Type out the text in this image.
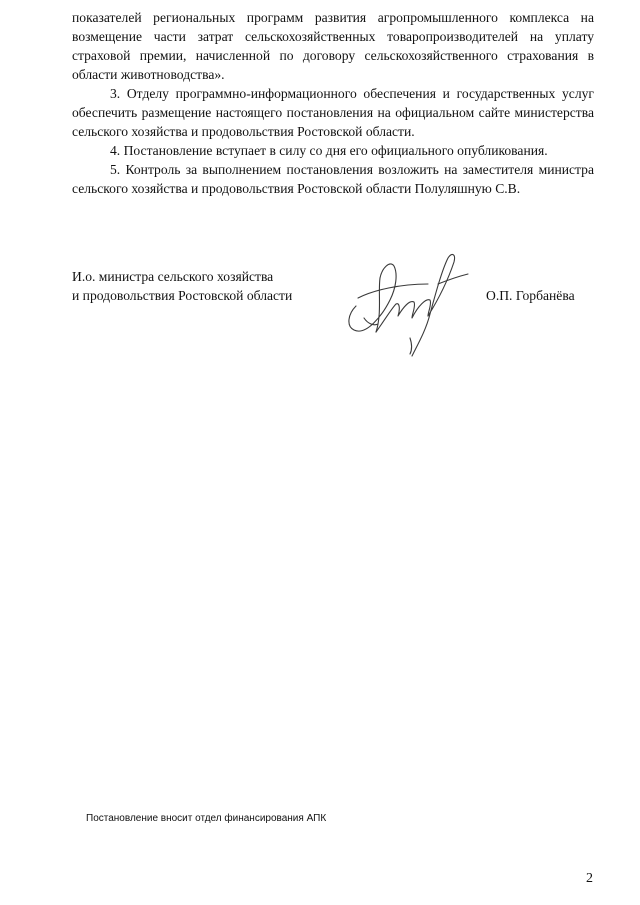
показателей региональных программ развития агропромышленного комплекса на возмещение части затрат сельскохозяйственных товаропроизводителей на уплату страховой премии, начисленной по договору сельскохозяйственного страхования в области животноводства».

3. Отделу программно-информационного обеспечения и государственных услуг обеспечить размещение настоящего постановления на официальном сайте министерства сельского хозяйства и продовольствия Ростовской области.

4. Постановление вступает в силу со дня его официального опубликования.

5. Контроль за выполнением постановления возложить на заместителя министра сельского хозяйства и продовольствия Ростовской области Полуляшную С.В.

И.о. министра сельского хозяйства
и продовольствия Ростовской области	О.П. Горбанёва
Постановление вносит отдел финансирования АПК
2
